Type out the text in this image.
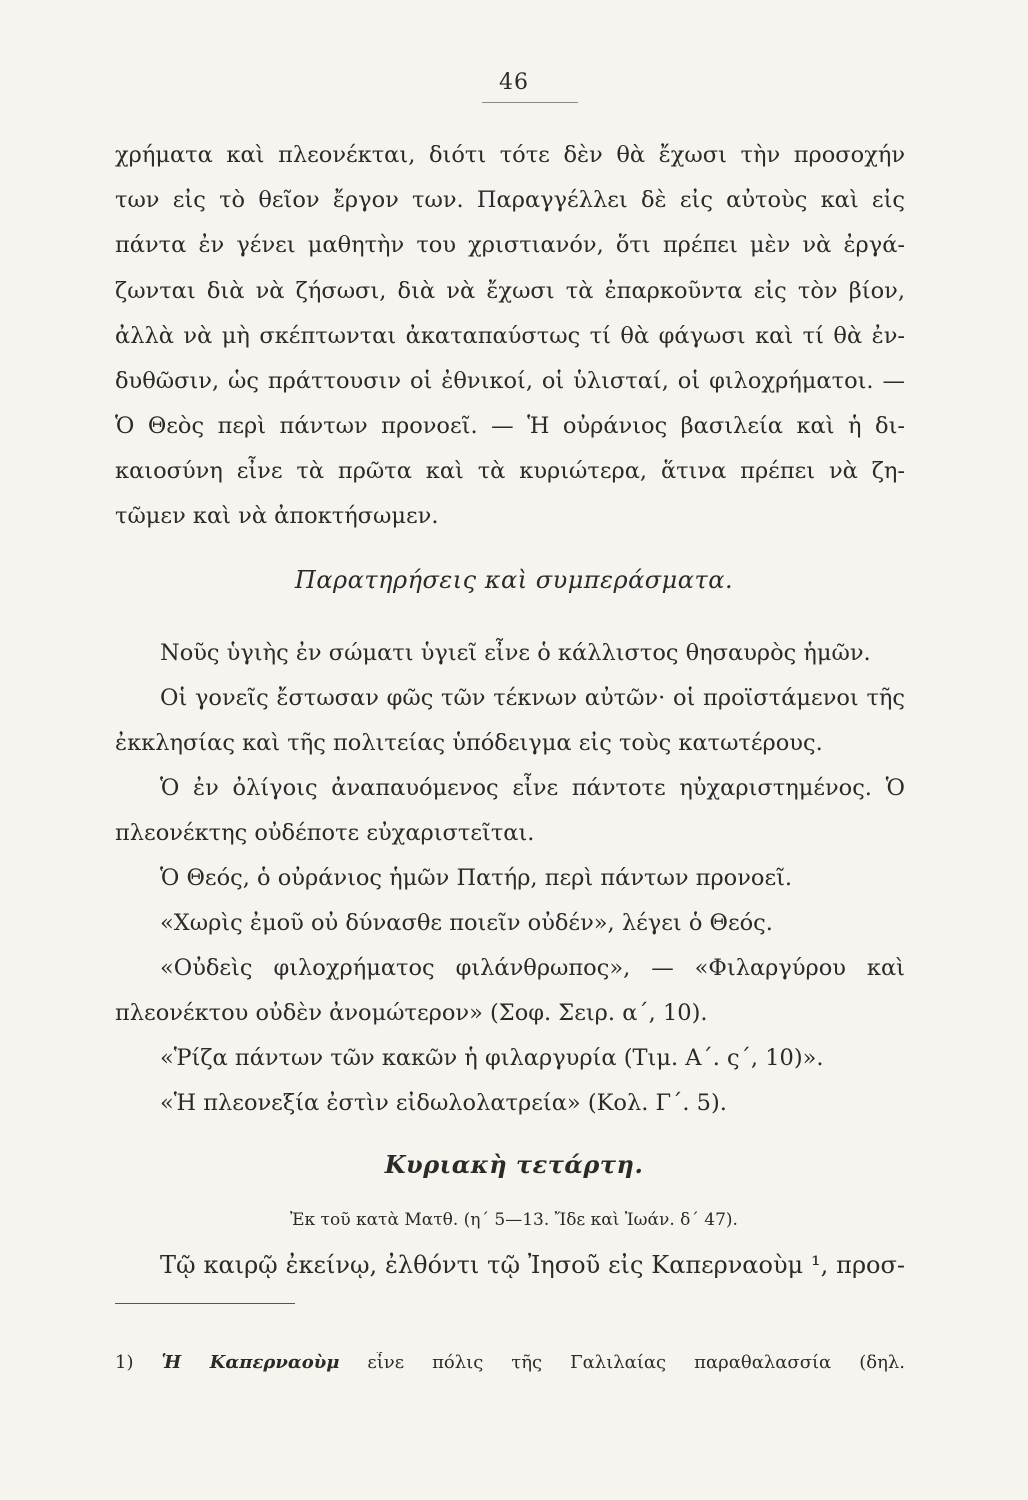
46
χρήματα καὶ πλεονέκται, διότι τότε δὲν θὰ ἔχωσι τὴν προσοχήν
των εἰς τὸ θεῖον ἔργον των. Παραγγέλλει δὲ εἰς αὐτοὺς καὶ εἰς
πάντα ἐν γένει μαθητὴν του χριστιανόν, ὅτι πρέπει μὲν νὰ ἐργά-
ζωνται διὰ νὰ ζήσωσι, διὰ νὰ ἔχωσι τὰ ἐπαρκοῦντα εἰς τὸν βίον,
ἀλλὰ νὰ μὴ σκέπτωνται ἀκαταπαύστως τί θὰ φάγωσι καὶ τί θὰ ἐν-
δυθῶσιν, ὡς πράττουσιν οἱ ἐθνικοί, οἱ ὑλισταί, οἱ φιλοχρήματοι. —
Ὁ Θεὸς περὶ πάντων προνοεῖ. — Ἡ οὐράνιος βασιλεία καὶ ἡ δι-
καιοσύνη εἶνε τὰ πρῶτα καὶ τὰ κυριώτερα, ἅτινα πρέπει νὰ ζη-
τῶμεν καὶ νὰ ἀποκτήσωμεν.
Παρατηρήσεις καὶ συμπεράσματα.
Νοῦς ὑγιὴς ἐν σώματι ὑγιεῖ εἶνε ὁ κάλλιστος θησαυρὸς ἡμῶν.
Οἱ γονεῖς ἔστωσαν φῶς τῶν τέκνων αὐτῶν· οἱ προϊστάμενοι τῆς
ἐκκλησίας καὶ τῆς πολιτείας ὑπόδειγμα εἰς τοὺς κατωτέρους.
Ὁ ἐν ὀλίγοις ἀναπαυόμενος εἶνε πάντοτε ηὐχαριστημένος. Ὁ
πλεονέκτης οὐδέποτε εὐχαριστεῖται.
Ὁ Θεός, ὁ οὐράνιος ἡμῶν Πατήρ, περὶ πάντων προνοεῖ.
«Χωρὶς ἐμοῦ οὐ δύνασθε ποιεῖν οὐδέν», λέγει ὁ Θεός.
«Οὐδεὶς φιλοχρήματος φιλάνθρωπος», — «Φιλαργύρου καὶ
πλεονέκτου οὐδὲν ἀνομώτερον» (Σοφ. Σειρ. α΄, 10).
«Ῥίζα πάντων τῶν κακῶν ἡ φιλαργυρία (Τιμ. Α΄. ς΄, 10)».
«Ἡ πλεονεξία ἐστὶν εἰδωλολατρεία» (Κολ. Γ΄. 5).
Κυριακὴ τετάρτη.
Ἐκ τοῦ κατὰ Ματθ. (η΄ 5—13. Ἴδε καὶ Ἰωάν. δ΄ 47).
Τῷ καιρῷ ἐκείνῳ, ἐλθόντι τῷ Ἰησοῦ εἰς Καπερναοὺμ ¹, προσ-
1) Ἡ Καπερναοὺμ εἶνε πόλις τῆς Γαλιλαίας παραθαλασσία (δηλ.
